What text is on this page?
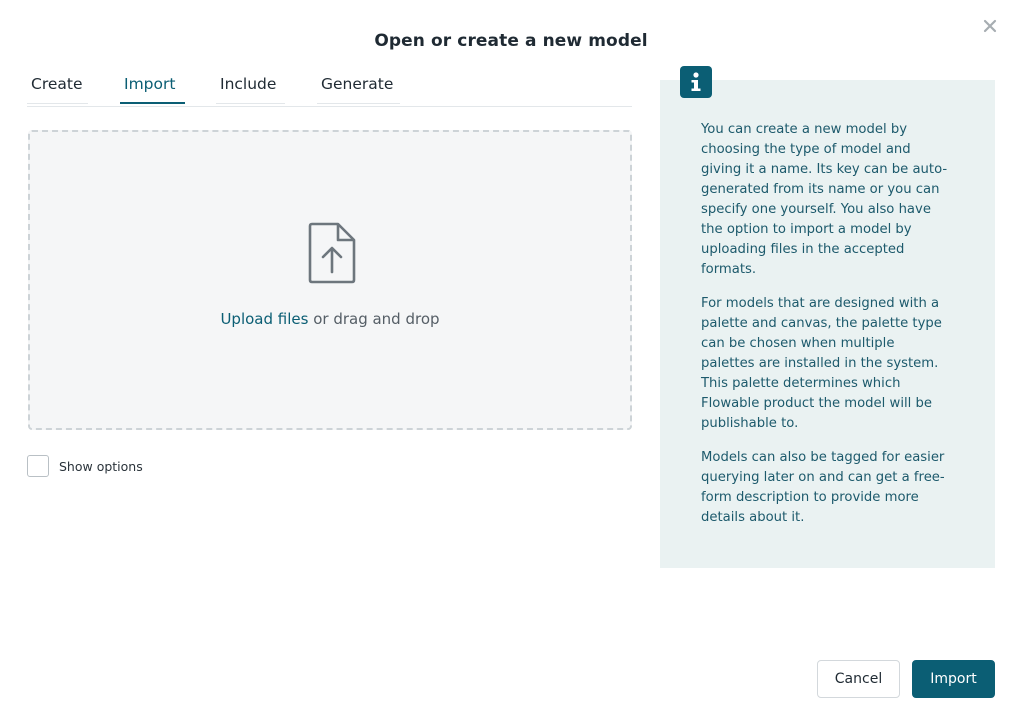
Open or create a new model
Create	Import	Include	Generate
Upload files or drag and drop
Show options

You can create a new model by choosing the type of model and giving it a name. Its key can be auto-generated from its name or you can specify one yourself. You also have the option to import a model by uploading files in the accepted formats.

For models that are designed with a palette and canvas, the palette type can be chosen when multiple palettes are installed in the system. This palette determines which Flowable product the model will be publishable to.

Models can also be tagged for easier querying later on and can get a free-form description to provide more details about it.

Cancel	Import
